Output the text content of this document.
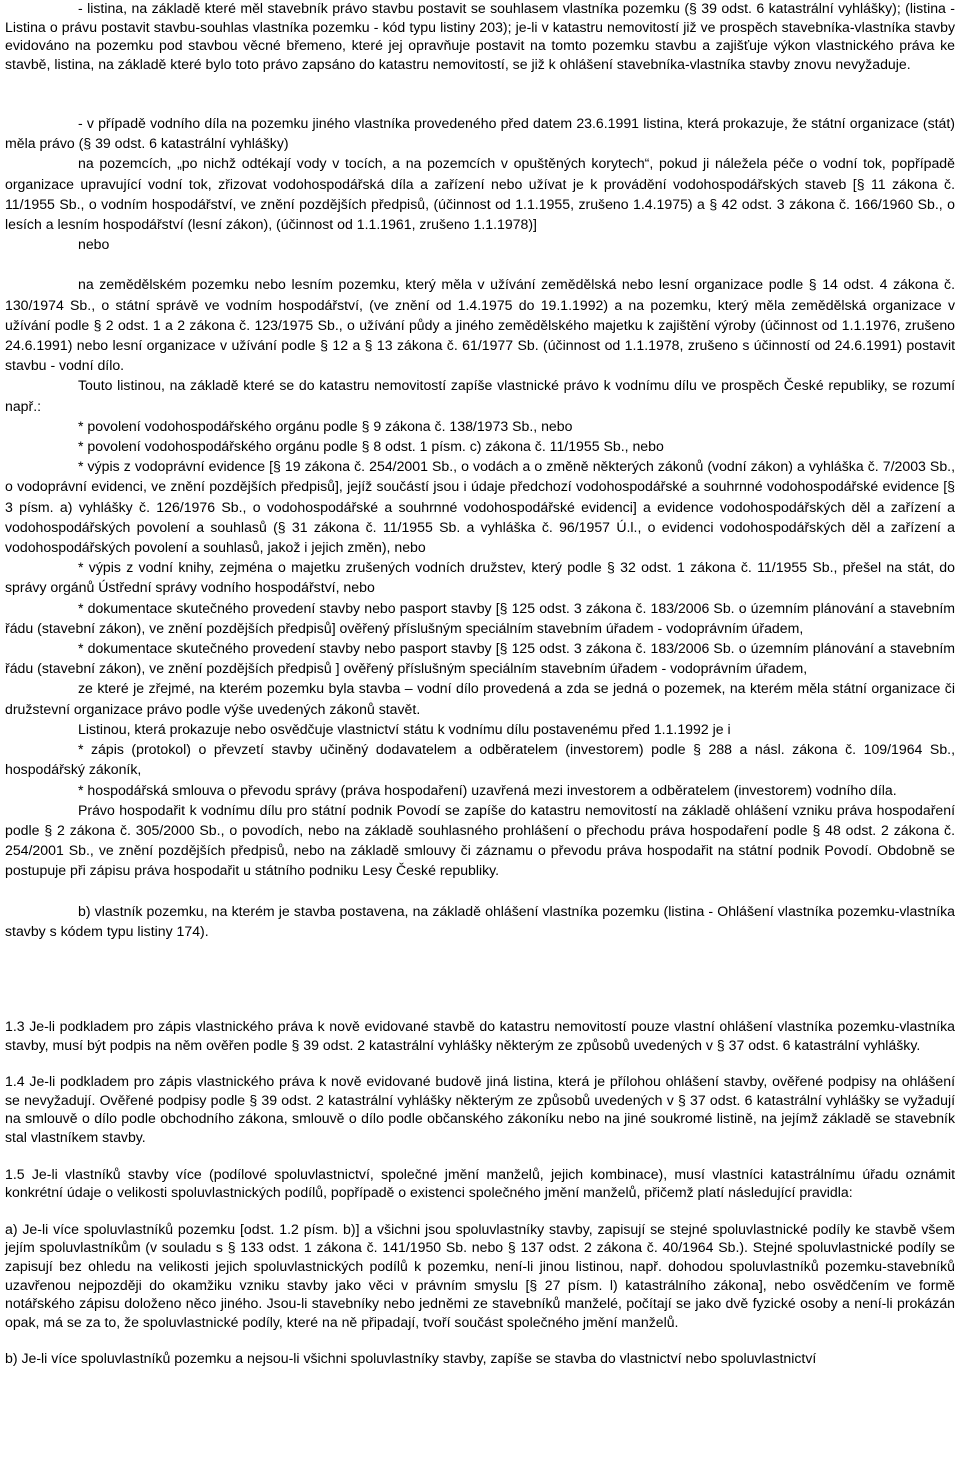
- listina, na základě které měl stavebník právo stavbu postavit se souhlasem vlastníka pozemku (§ 39 odst. 6 katastrální vyhlášky); (listina - Listina o právu postavit stavbu-souhlas vlastníka pozemku - kód typu listiny 203); je-li v katastru nemovitostí již ve prospěch stavebníka-vlastníka stavby evidováno na pozemku pod stavbou věcné břemeno, které jej opravňuje postavit na tomto pozemku stavbu a zajišťuje výkon vlastnického práva ke stavbě, listina, na základě které bylo toto právo zapsáno do katastru nemovitostí, se již k ohlášení stavebníka-vlastníka stavby znovu nevyžaduje.

- v případě vodního díla na pozemku jiného vlastníka provedeného před datem 23.6.1991 listina, která prokazuje, že státní organizace (stát) měla právo (§ 39 odst. 6 katastrální vyhlášky)

na pozemcích, „po nichž odtékají vody v tocích, a na pozemcích v opuštěných korytech“, pokud ji náležela péče o vodní tok, popřípadě organizace upravující vodní tok, zřizovat vodohospodářská díla a zařízení nebo užívat je k provádění vodohospodářských staveb [§ 11 zákona č. 11/1955 Sb., o vodním hospodářství, ve znění pozdějších předpisů, (účinnost od 1.1.1955, zrušeno 1.4.1975) a § 42 odst. 3 zákona č. 166/1960 Sb., o lesích a lesním hospodářství (lesní zákon), (účinnost od 1.1.1961, zrušeno 1.1.1978)]

nebo

na zemědělském pozemku nebo lesním pozemku, který měla v užívání zemědělská nebo lesní organizace podle § 14 odst. 4 zákona č. 130/1974 Sb., o státní správě ve vodním hospodářství, (ve znění od 1.4.1975 do 19.1.1992) a na pozemku, který měla zemědělská organizace v užívání podle § 2 odst. 1 a 2 zákona č. 123/1975 Sb., o užívání půdy a jiného zemědělského majetku k zajištění výroby (účinnost od 1.1.1976, zrušeno 24.6.1991) nebo lesní organizace v užívání podle § 12 a § 13 zákona č. 61/1977 Sb. (účinnost od 1.1.1978, zrušeno s účinností od 24.6.1991) postavit stavbu - vodní dílo.

Touto listinou, na základě které se do katastru nemovitostí zapíše vlastnické právo k vodnímu dílu ve prospěch České republiky, se rozumí např.:

* povolení vodohospodářského orgánu podle § 9 zákona č. 138/1973 Sb., nebo

* povolení vodohospodářského orgánu podle § 8 odst. 1 písm. c) zákona č. 11/1955 Sb., nebo

* výpis z vodoprávní evidence [§ 19 zákona č. 254/2001 Sb., o vodách a o změně některých zákonů (vodní zákon) a vyhláška č. 7/2003 Sb., o vodoprávní evidenci, ve znění pozdějších předpisů], jejíž součástí jsou i údaje předchozí vodohospodářské a souhrnné vodohospodářské evidence [§ 3 písm. a) vyhlášky č. 126/1976 Sb., o vodohospodářské a souhrnné vodohospodářské evidenci] a evidence vodohospodářských děl a zařízení a vodohospodářských povolení a souhlasů (§ 31 zákona č. 11/1955 Sb. a vyhláška č. 96/1957 Ú.l., o evidenci vodohospodářských děl a zařízení a vodohospodářských povolení a souhlasů, jakož i jejich změn), nebo

* výpis z vodní knihy, zejména o majetku zrušených vodních družstev, který podle § 32 odst. 1 zákona č. 11/1955 Sb., přešel na stát, do správy orgánů Ústřední správy vodního hospodářství, nebo

* dokumentace skutečného provedení stavby nebo pasport stavby [§ 125 odst. 3 zákona č. 183/2006 Sb. o územním plánování a stavebním řádu (stavební zákon), ve znění pozdějších předpisů] ověřený příslušným speciálním stavebním úřadem - vodoprávním úřadem,

* dokumentace skutečného provedení stavby nebo pasport stavby [§ 125 odst. 3 zákona č. 183/2006 Sb. o územním plánování a stavebním řádu (stavební zákon), ve znění pozdějších předpisů ] ověřený příslušným speciálním stavebním úřadem - vodoprávním úřadem,

ze které je zřejmé, na kterém pozemku byla stavba – vodní dílo provedená a zda se jedná o pozemek, na kterém měla státní organizace či družstevní organizace právo podle výše uvedených zákonů stavět.

Listinou, která prokazuje nebo osvědčuje vlastnictví státu k vodnímu dílu postavenému před 1.1.1992 je i

* zápis (protokol) o převzetí stavby učiněný dodavatelem a odběratelem (investorem) podle § 288 a násl. zákona č. 109/1964 Sb., hospodářský zákoník,

* hospodářská smlouva o převodu správy (práva hospodaření) uzavřená mezi investorem a odběratelem (investorem) vodního díla.

Právo hospodařit k vodnímu dílu pro státní podnik Povodí se zapíše do katastru nemovitostí na základě ohlášení vzniku práva hospodaření podle § 2 zákona č. 305/2000 Sb., o povodích, nebo na základě souhlasného prohlášení o přechodu práva hospodaření podle § 48 odst. 2 zákona č. 254/2001 Sb., ve znění pozdějších předpisů, nebo na základě smlouvy či záznamu o převodu práva hospodařit na státní podnik Povodí. Obdobně se postupuje při zápisu práva hospodařit u státního podniku Lesy České republiky.

b) vlastník pozemku, na kterém je stavba postavena, na základě ohlášení vlastníka pozemku (listina - Ohlášení vlastníka pozemku-vlastníka stavby s kódem typu listiny 174).

1.3 Je-li podkladem pro zápis vlastnického práva k nově evidované stavbě do katastru nemovitostí pouze vlastní ohlášení vlastníka pozemku-vlastníka stavby, musí být podpis na něm ověřen podle § 39 odst. 2 katastrální vyhlášky některým ze způsobů uvedených v § 37 odst. 6 katastrální vyhlášky.

1.4 Je-li podkladem pro zápis vlastnického práva k nově evidované budově jiná listina, která je přílohou ohlášení stavby, ověřené podpisy na ohlášení se nevyžadují. Ověřené podpisy podle § 39 odst. 2 katastrální vyhlášky některým ze způsobů uvedených v § 37 odst. 6 katastrální vyhlášky se vyžadují na smlouvě o dílo podle obchodního zákona, smlouvě o dílo podle občanského zákoníku nebo na jiné soukromé listině, na jejímž základě se stavebník stal vlastníkem stavby.

1.5 Je-li vlastníků stavby více (podílové spoluvlastnictví, společné jmění manželů, jejich kombinace), musí vlastníci katastrálnímu úřadu oznámit konkrétní údaje o velikosti spoluvlastnických podílů, popřípadě o existenci společného jmění manželů, přičemž platí následující pravidla:

a) Je-li více spoluvlastníků pozemku [odst. 1.2 písm. b)] a všichni jsou spoluvlastníky stavby, zapisují se stejné spoluvlastnické podíly ke stavbě všem jejím spoluvlastníkům (v souladu s § 133 odst. 1 zákona č. 141/1950 Sb. nebo § 137 odst. 2 zákona č. 40/1964 Sb.). Stejné spoluvlastnické podíly se zapisují bez ohledu na velikosti jejich spoluvlastnických podílů k pozemku, není-li jinou listinou, např. dohodou spoluvlastníků pozemku-stavebníků uzavřenou nejpozději do okamžiku vzniku stavby jako věci v právním smyslu [§ 27 písm. l) katastrálního zákona], nebo osvědčením ve formě notářského zápisu doloženo něco jiného. Jsou-li stavebníky nebo jedněmi ze stavebníků manželé, počítají se jako dvě fyzické osoby a není-li prokázán opak, má se za to, že spoluvlastnické podíly, které na ně připadají, tvoří součást společného jmění manželů.

b) Je-li více spoluvlastníků pozemku a nejsou-li všichni spoluvlastníky stavby, zapíše se stavba do vlastnictví nebo spoluvlastnictví
